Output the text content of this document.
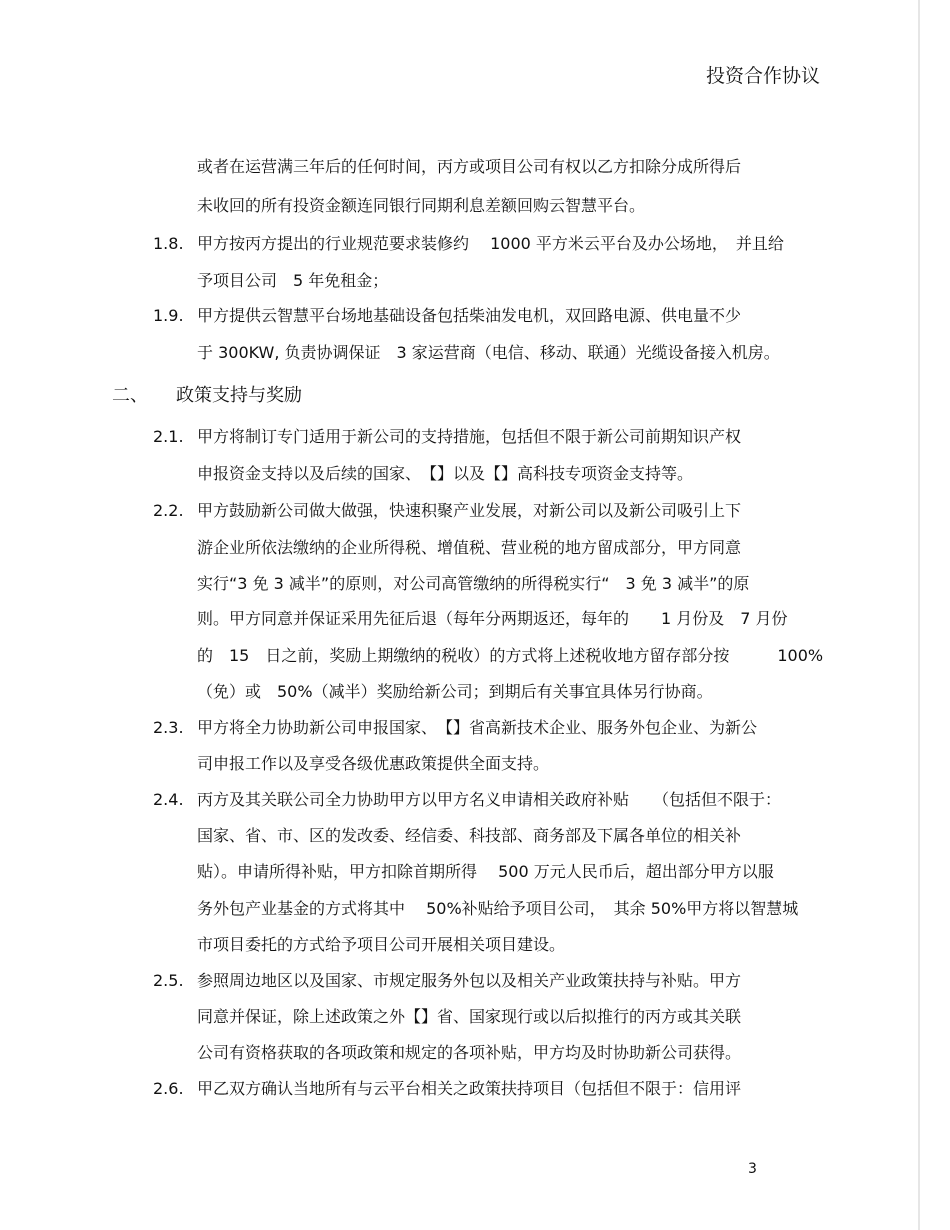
投资合作协议
或者在运营满三年后的任何时间，丙方或项目公司有权以乙方扣除分成所得后
未收回的所有投资金额连同银行同期利息差额回购云智慧平台。
1.8. 甲方按丙方提出的行业规范要求装修约　 1000 平方米云平台及办公场地，　并且给
予项目公司　5 年免租金；
1.9. 甲方提供云智慧平台场地基础设备包括柴油发电机，双回路电源、供电量不少
于 300KW, 负责协调保证　3 家运营商（电信、移动、联通）光缆设备接入机房。
二、 政策支持与奖励
2.1. 甲方将制订专门适用于新公司的支持措施，包括但不限于新公司前期知识产权
申报资金支持以及后续的国家、　【】以及【】高科技专项资金支持等。
2.2. 甲方鼓励新公司做大做强，快速积聚产业发展，对新公司以及新公司吸引上下
游企业所依法缴纳的企业所得税、增值税、营业税的地方留成部分，甲方同意
实行“3 免 3 减半”的原则，对公司高管缴纳的所得税实行“　3 免 3 减半”的原
则。甲方同意并保证采用先征后退（每年分两期返还，每年的　　1 月份及　7 月份
的　15　日之前，奖励上期缴纳的税收）的方式将上述税收地方留存部分按　　　100%
（免）或　50%（减半）奖励给新公司；到期后有关事宜具体另行协商。
2.3. 甲方将全力协助新公司申报国家、　【】省高新技术企业、服务外包企业、为新公
司申报工作以及享受各级优惠政策提供全面支持。
2.4. 丙方及其关联公司全力协助甲方以甲方名义申请相关政府补贴　　（包括但不限于：
国家、省、市、区的发改委、经信委、科技部、商务部及下属各单位的相关补
贴）。申请所得补贴，甲方扣除首期所得　 500 万元人民币后，超出部分甲方以服
务外包产业基金的方式将其中　 50%补贴给予项目公司，　其余 50%甲方将以智慧城
市项目委托的方式给予项目公司开展相关项目建设。
2.5. 参照周边地区以及国家、市规定服务外包以及相关产业政策扶持与补贴。甲方
同意并保证，除上述政策之外【】省、国家现行或以后拟推行的丙方或其关联
公司有资格获取的各项政策和规定的各项补贴，甲方均及时协助新公司获得。
2.6. 甲乙双方确认当地所有与云平台相关之政策扶持项目（包括但不限于：信用评
3
